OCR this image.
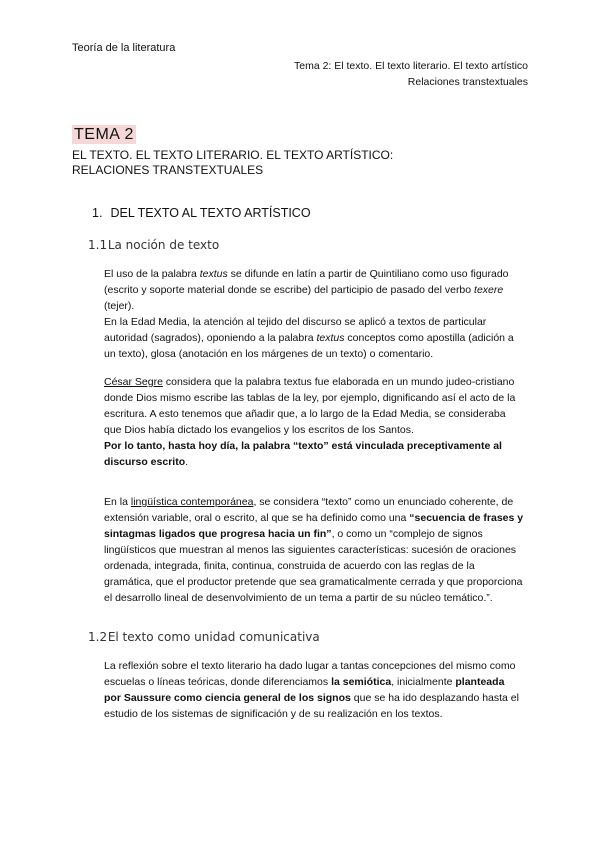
Teoría de la literatura
Tema 2: El texto. El texto literario. El texto artístico
Relaciones transtextuales
TEMA 2
EL TEXTO. EL TEXTO LITERARIO. EL TEXTO ARTÍSTICO:
RELACIONES TRANSTEXTUALES
1. DEL TEXTO AL TEXTO ARTÍSTICO
1.1 La noción de texto

El uso de la palabra textus se difunde en latín a partir de Quintiliano como uso figurado (escrito y soporte material donde se escribe) del participio de pasado del verbo texere (tejer).

En la Edad Media, la atención al tejido del discurso se aplicó a textos de particular autoridad (sagrados), oponiendo a la palabra textus conceptos como apostilla (adición a un texto), glosa (anotación en los márgenes de un texto) o comentario.

César Segre considera que la palabra textus fue elaborada en un mundo judeo-cristiano donde Dios mismo escribe las tablas de la ley, por ejemplo, dignificando así el acto de la escritura. A esto tenemos que añadir que, a lo largo de la Edad Media, se consideraba que Dios había dictado los evangelios y los escritos de los Santos.

Por lo tanto, hasta hoy día, la palabra “texto” está vinculada preceptivamente al discurso escrito.

En la lingüística contemporánea, se considera “texto” como un enunciado coherente, de extensión variable, oral o escrito, al que se ha definido como una “secuencia de frases y sintagmas ligados que progresa hacia un fin”, o como un “complejo de signos lingüísticos que muestran al menos las siguientes características: sucesión de oraciones ordenada, integrada, finita, continua, construida de acuerdo con las reglas de la gramática, que el productor pretende que sea gramaticalmente cerrada y que proporciona el desarrollo lineal de desenvolvimiento de un tema a partir de su núcleo temático.”.

1.2 El texto como unidad comunicativa

La reflexión sobre el texto literario ha dado lugar a tantas concepciones del mismo como escuelas o líneas teóricas, donde diferenciamos la semiótica, inicialmente planteada por Saussure como ciencia general de los signos que se ha ido desplazando hasta el estudio de los sistemas de significación y de su realización en los textos.
